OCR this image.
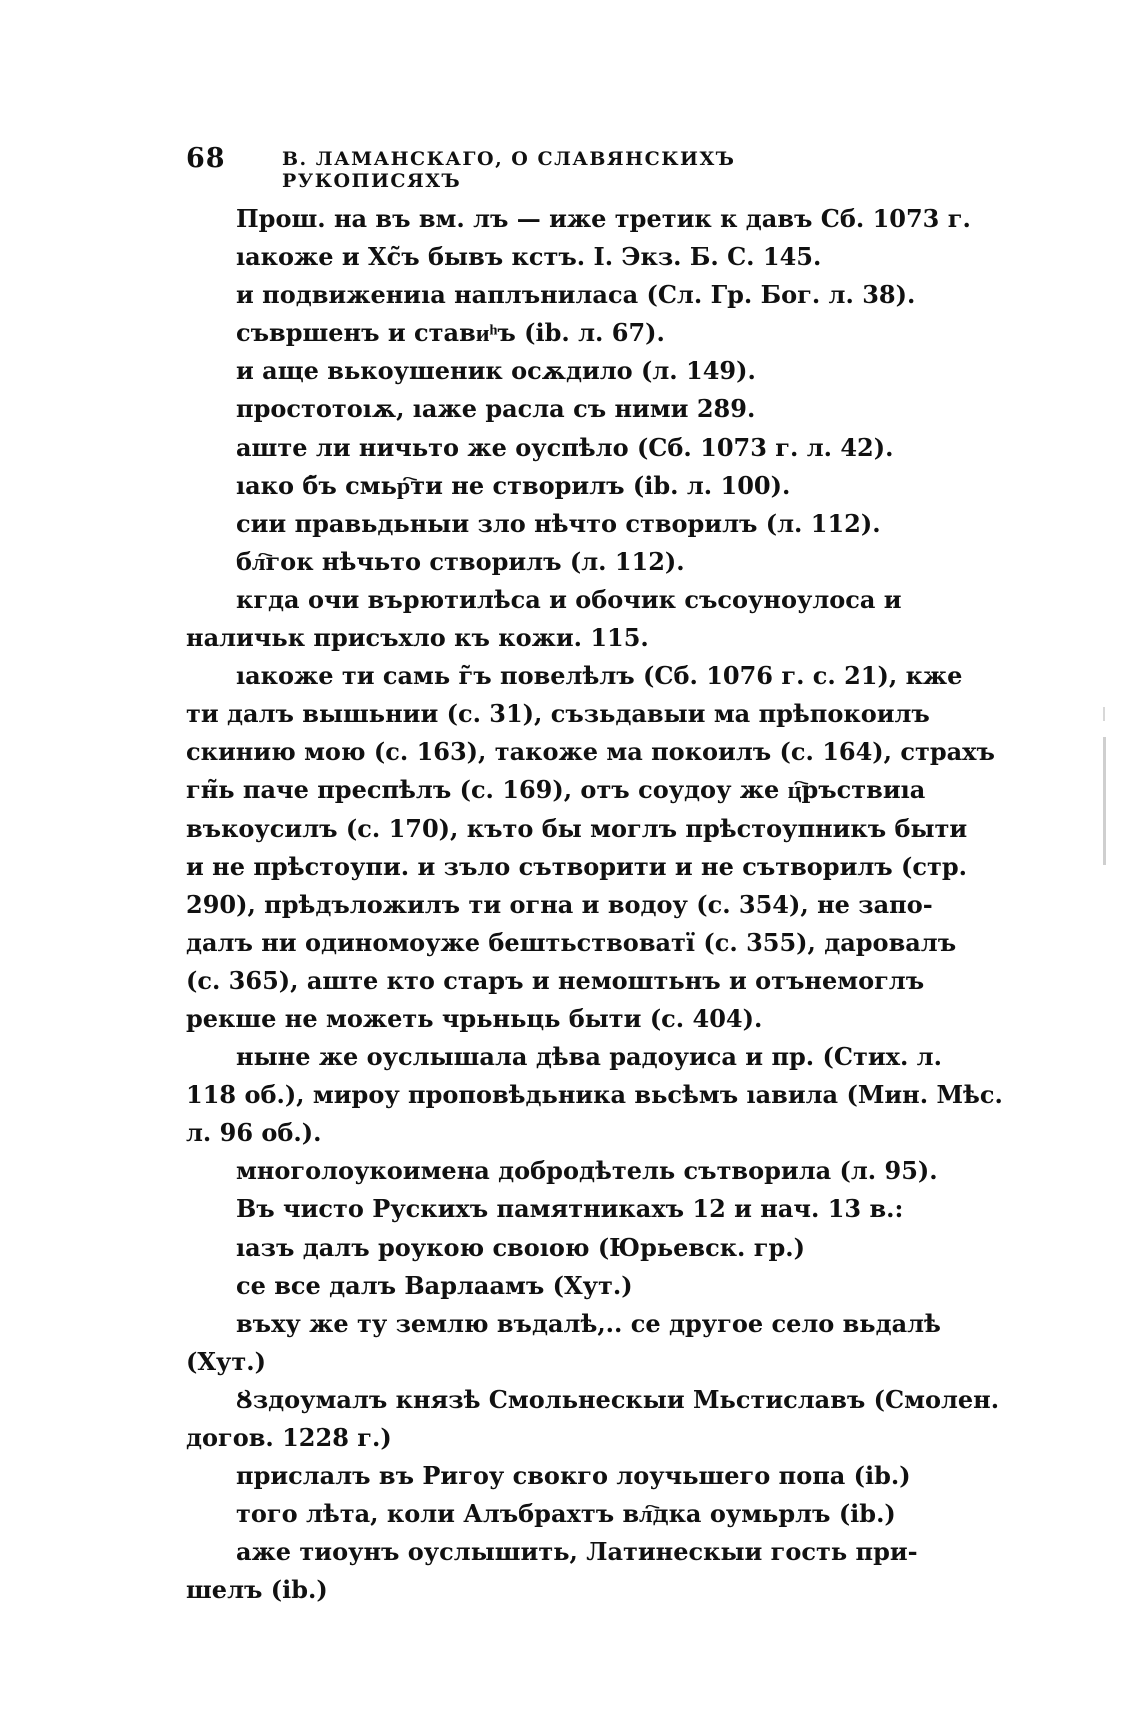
68	В. ЛАМАНСКАГО, О СЛАВЯНСКИХЪ РУКОПИСЯХЪ
Прош. на въ вм. лъ — иже третик к давъ Сб. 1073 г.
ıакоже и Хс̃ъ бывъ кстъ. I. Экз. Б. С. 145.
и подвижениıa наплъниласа (Сл. Гр. Бог. л. 38).
съвршенъ и ставиͪъ (ib. л. 67).
и аще вькоушеник осѫдило (л. 149).
простотоıѫ, ıаже расла съ ними 289.
аште ли ничьто же оуспѣло (Сб. 1073 г. л. 42).
ıако б̃ъ смьр҇ти не створилъ (ib. л. 100).
сии правьдьныи зло нѣчто створилъ (л. 112).
бл҇гок нѣчьто створилъ (л. 112).
кгда очи върютилѣса и обочик съсоуноулоса и
наличьк присъхло къ кожи. 115.
ıакоже ти самь г̃ъ повелѣлъ (Сб. 1076 г. с. 21), кже
ти далъ вышьнии (с. 31), съзьдавыи ма прѣпокоилъ
скинию мою (с. 163), такоже ма покоилъ (с. 164), страхъ
гн̃ь паче преспѣлъ (с. 169), отъ соудоу же ц҇ръствиıa
въкоусилъ (с. 170), къто бы моглъ прѣстоупникъ быти
и не прѣстоупи. и зъло сътворити и не сътворилъ (стр.
290), прѣдъложилъ ти огна и водоу (с. 354), не запо-
далъ ни одиномоуже бештьствоватї (с. 355), даровалъ
(с. 365), аште кто старъ и немоштьнъ и отънемоглъ
рекше не можеть чрьньць быти (с. 404).
ныне же оуслышала дѣва радоуиса и пр. (Стих. л.
118 об.), мироу проповѣдьника вьсѣмъ ıавила (Мин. Мѣс.
л. 96 об.).
многолоукоимена добродѣтель сътворила (л. 95).
Въ чисто Рускихъ памятникахъ 12 и нач. 13 в.:
ıазъ далъ роукою своıoю (Юрьевск. гр.)
се все далъ Варлаамъ (Хут.)
въху же ту землю въдалѣ,.. се другое село вьдалѣ
(Хут.)
Ȣздоумалъ князѣ Смольнескыи Мьстиславъ (Смолен.
догов. 1228 г.)
прислалъ въ Ригоу свокго лоучьшего попа (ib.)
того лѣта, коли Алъбрахтъ вл҇дка оумьрлъ (ib.)
аже тиоунъ оуслышить, Латинескыи гость при-
шелъ (ib.)
